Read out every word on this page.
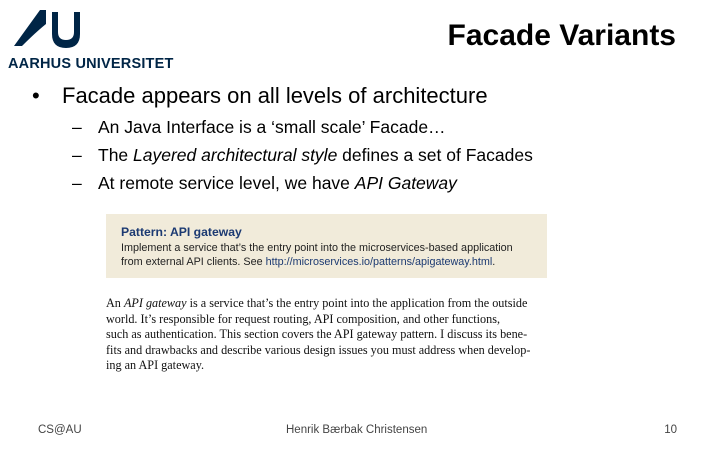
AARHUS UNIVERSITET
Facade Variants
• Facade appears on all levels of architecture
– An Java Interface is a ‘small scale’ Facade…
– The Layered architectural style defines a set of Facades
– At remote service level, we have API Gateway
Pattern: API gateway
Implement a service that’s the entry point into the microservices-based application
from external API clients. See http://microservices.io/patterns/apigateway.html.
An API gateway is a service that’s the entry point into the application from the outside
world. It’s responsible for request routing, API composition, and other functions,
such as authentication. This section covers the API gateway pattern. I discuss its bene-
fits and drawbacks and describe various design issues you must address when develop-
ing an API gateway.
CS@AU	Henrik Bærbak Christensen	10
